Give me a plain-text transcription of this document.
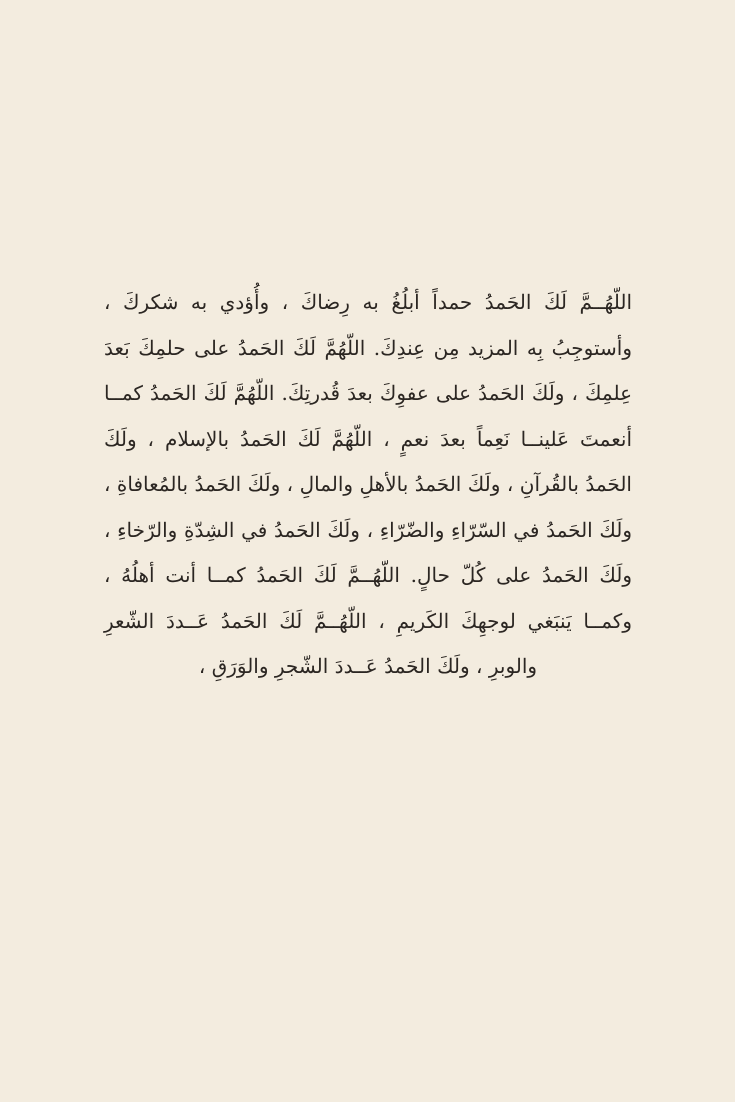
اللّهُــمَّ لَكَ الحَمدُ حمداً أبلُغُ به رِضاكَ ، وأُؤدي به شكركَ ، وأستوجِبُ بِه المزيد مِن عِندِكَ. اللّهُمَّ لَكَ الحَمدُ على حلمِكَ بَعدَ عِلمِكَ ، ولَكَ الحَمدُ على عفوِكَ بعدَ قُدرتِكَ. اللّهُمَّ لَكَ الحَمدُ كمــا أنعمتَ عَلينــا نَعِماً بعدَ نعمٍ ، اللّهُمَّ لَكَ الحَمدُ بالإسلام ، ولَكَ الحَمدُ بالقُرآنِ ، ولَكَ الحَمدُ بالأهلِ والمالِ ، ولَكَ الحَمدُ بالمُعافاةِ ، ولَكَ الحَمدُ في السّرّاءِ والضّرّاءِ ، ولَكَ الحَمدُ في الشِدّةِ والرّخاءِ ، ولَكَ الحَمدُ على كُلّ حالٍ. اللّهُــمَّ لَكَ الحَمدُ كمــا أنت أهلُهُ ، وكمــا يَنبَغي لوجهِكَ الكَريمِ ، اللّهُــمَّ لَكَ الحَمدُ عَــددَ الشّعرِ والوبرِ ، ولَكَ الحَمدُ عَــددَ الشّجرِ والوَرَقِ ،
